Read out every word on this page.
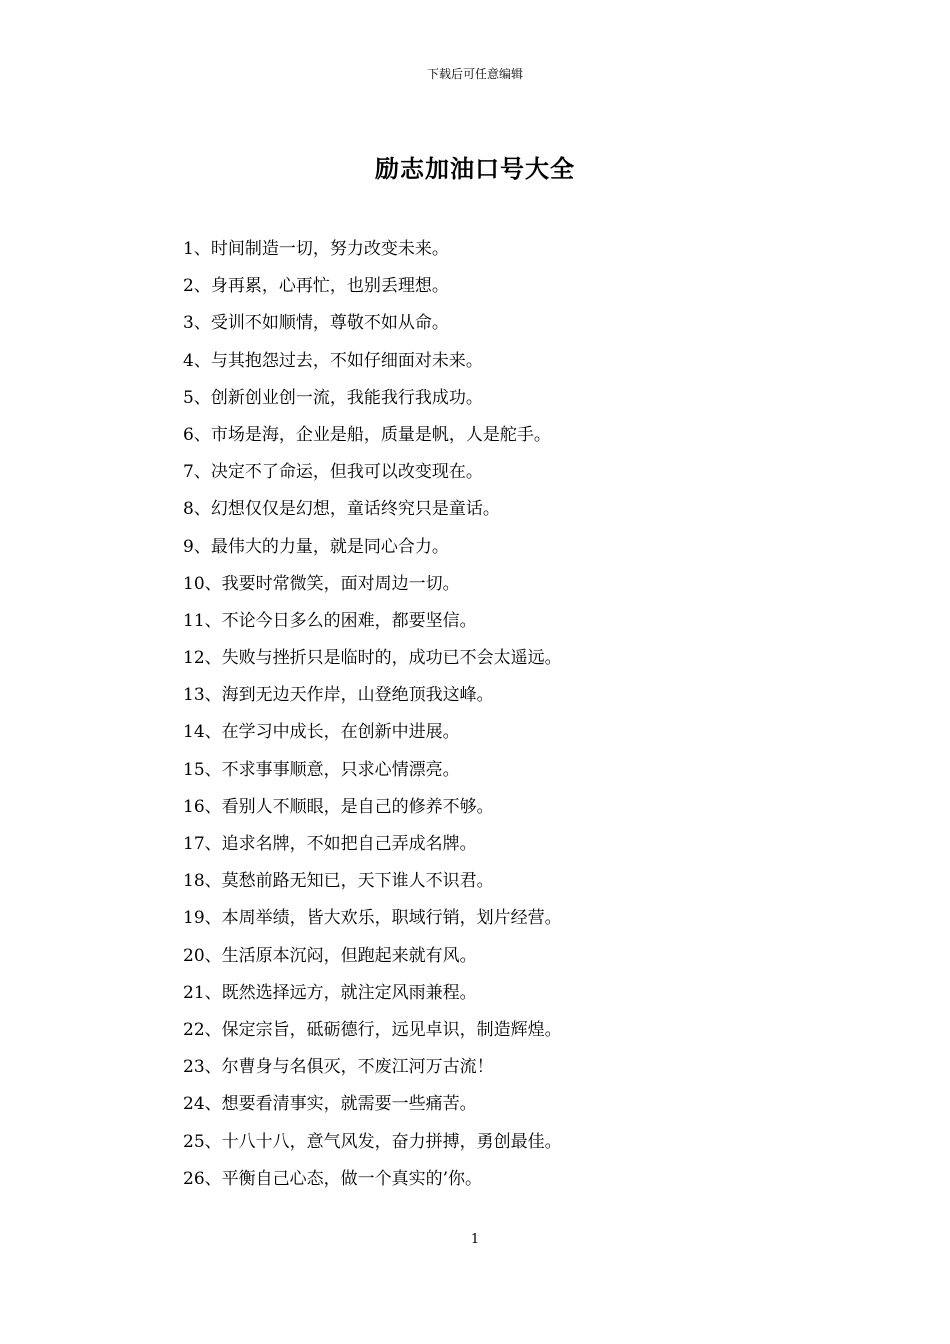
下载后可任意编辑
励志加油口号大全
1、时间制造一切，努力改变未来。
2、身再累，心再忙，也别丢理想。
3、受训不如顺情，尊敬不如从命。
4、与其抱怨过去，不如仔细面对未来。
5、创新创业创一流，我能我行我成功。
6、市场是海，企业是船，质量是帆，人是舵手。
7、决定不了命运，但我可以改变现在。
8、幻想仅仅是幻想，童话终究只是童话。
9、最伟大的力量，就是同心合力。
10、我要时常微笑，面对周边一切。
11、不论今日多么的困难，都要坚信。
12、失败与挫折只是临时的，成功已不会太遥远。
13、海到无边天作岸，山登绝顶我这峰。
14、在学习中成长，在创新中进展。
15、不求事事顺意，只求心情漂亮。
16、看别人不顺眼，是自己的修养不够。
17、追求名牌，不如把自己弄成名牌。
18、莫愁前路无知已，天下谁人不识君。
19、本周举绩，皆大欢乐，职域行销，划片经营。
20、生活原本沉闷，但跑起来就有风。
21、既然选择远方，就注定风雨兼程。
22、保定宗旨，砥砺德行，远见卓识，制造辉煌。
23、尔曹身与名俱灭，不废江河万古流！
24、想要看清事实，就需要一些痛苦。
25、十八十八，意气风发，奋力拼搏，勇创最佳。
26、平衡自己心态，做一个真实的’你。
1
